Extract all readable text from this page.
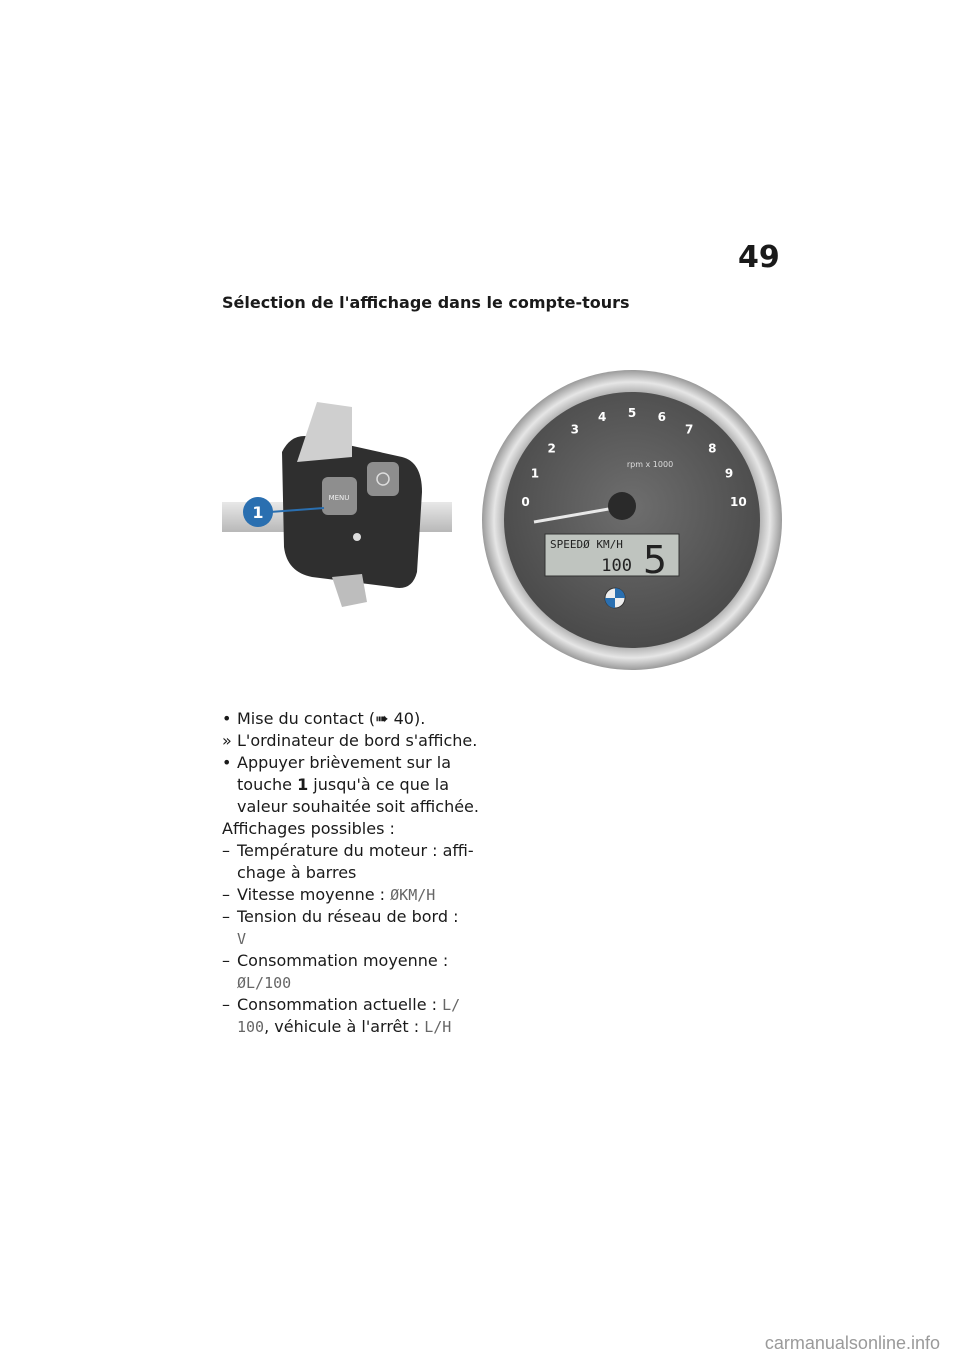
49
Sélection de l'affichage dans le compte-tours
MENU
1
0
1
2
3
4 5 6
7
8
9
10
rpm x 1000
SPEEDØ KM/H
100 5
• Mise du contact (➠ 40).
» L'ordinateur de bord s'affiche.
• Appuyer brièvement sur la
touche 1 jusqu'à ce que la
valeur souhaitée soit affichée.
Affichages possibles :
– Température du moteur : affi-
chage à barres
– Vitesse moyenne : ØKM/H
– Tension du réseau de bord :
V
– Consommation moyenne :
ØL/100
– Consommation actuelle : L/
100, véhicule à l'arrêt : L/H
carmanualsonline.info
